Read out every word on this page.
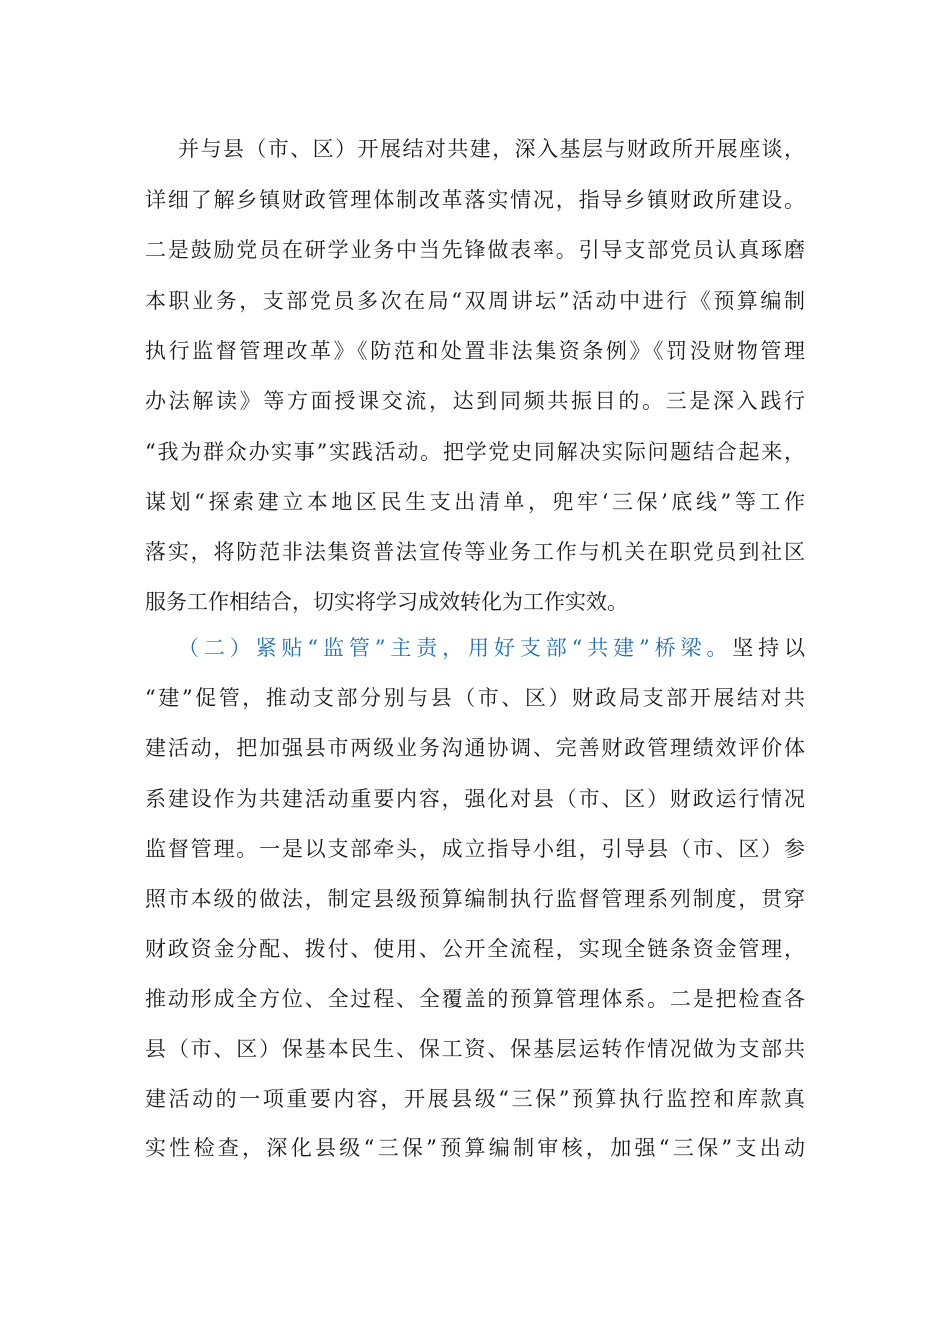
并与县（市、区）开展结对共建，深入基层与财政所开展座谈，
详细了解乡镇财政管理体制改革落实情况，指导乡镇财政所建设。
二是鼓励党员在研学业务中当先锋做表率。引导支部党员认真琢磨
本职业务，支部党员多次在局“双周讲坛”活动中进行《预算编制
执行监督管理改革》《防范和处置非法集资条例》《罚没财物管理
办法解读》等方面授课交流，达到同频共振目的。三是深入践行
“我为群众办实事”实践活动。把学党史同解决实际问题结合起来，
谋划“探索建立本地区民生支出清单，兜牢‘三保’底线”等工作
落实，将防范非法集资普法宣传等业务工作与机关在职党员到社区
服务工作相结合，切实将学习成效转化为工作实效。
（二）紧贴“监管”主责，用好支部“共建”桥梁。坚持以
“建”促管，推动支部分别与县（市、区）财政局支部开展结对共
建活动，把加强县市两级业务沟通协调、完善财政管理绩效评价体
系建设作为共建活动重要内容，强化对县（市、区）财政运行情况
监督管理。一是以支部牵头，成立指导小组，引导县（市、区）参
照市本级的做法，制定县级预算编制执行监督管理系列制度，贯穿
财政资金分配、拨付、使用、公开全流程，实现全链条资金管理，
推动形成全方位、全过程、全覆盖的预算管理体系。二是把检查各
县（市、区）保基本民生、保工资、保基层运转作情况做为支部共
建活动的一项重要内容，开展县级“三保”预算执行监控和库款真
实性检查，深化县级“三保”预算编制审核，加强“三保”支出动
